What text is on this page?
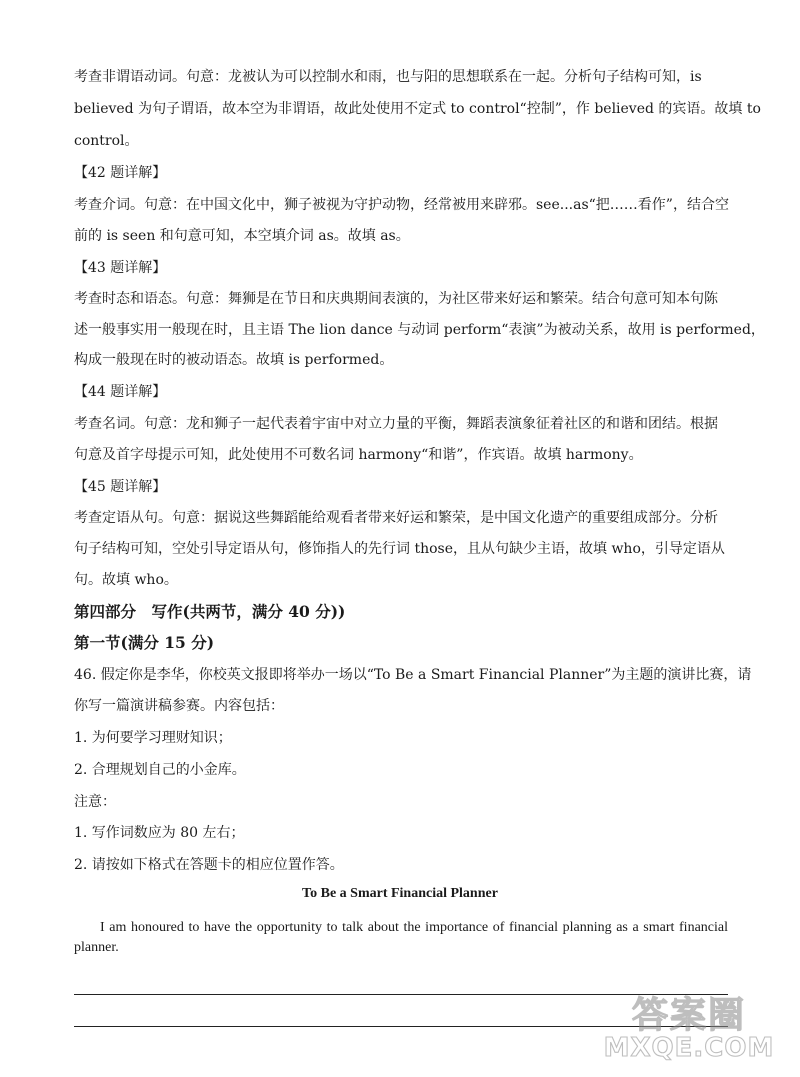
考查非谓语动词。句意：龙被认为可以控制水和雨，也与阳的思想联系在一起。分析句子结构可知，is
believed 为句子谓语，故本空为非谓语，故此处使用不定式 to control“控制”，作 believed 的宾语。故填 to
control。
【42 题详解】
考查介词。句意：在中国文化中，狮子被视为守护动物，经常被用来辟邪。see...as“把……看作”，结合空
前的 is seen 和句意可知，本空填介词 as。故填 as。
【43 题详解】
考查时态和语态。句意：舞狮是在节日和庆典期间表演的，为社区带来好运和繁荣。结合句意可知本句陈
述一般事实用一般现在时，且主语 The lion dance 与动词 perform“表演”为被动关系，故用 is performed，
构成一般现在时的被动语态。故填 is performed。
【44 题详解】
考查名词。句意：龙和狮子一起代表着宇宙中对立力量的平衡，舞蹈表演象征着社区的和谐和团结。根据
句意及首字母提示可知，此处使用不可数名词 harmony“和谐”，作宾语。故填 harmony。
【45 题详解】
考查定语从句。句意：据说这些舞蹈能给观看者带来好运和繁荣，是中国文化遗产的重要组成部分。分析
句子结构可知，空处引导定语从句，修饰指人的先行词 those，且从句缺少主语，故填 who，引导定语从
句。故填 who。
第四部分　写作(共两节，满分 40 分))
第一节(满分 15 分)
46. 假定你是李华，你校英文报即将举办一场以“To Be a Smart Financial Planner”为主题的演讲比赛，请
你写一篇演讲稿参赛。内容包括：
1. 为何要学习理财知识；
2. 合理规划自己的小金库。
注意：
1. 写作词数应为 80 左右；
2. 请按如下格式在答题卡的相应位置作答。
To Be a Smart Financial Planner
I am honoured to have the opportunity to talk about the importance of financial planning as a smart financial planner.
答案圈
MXQE.COM
